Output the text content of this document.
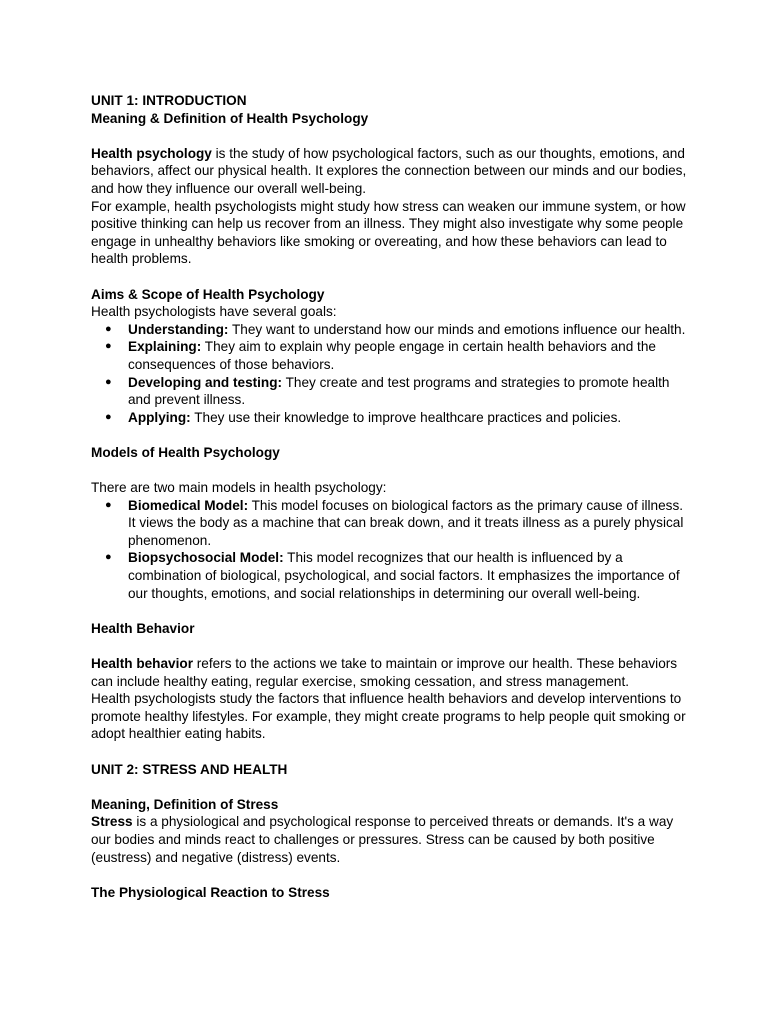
UNIT 1: INTRODUCTION
Meaning & Definition of Health Psychology

Health psychology is the study of how psychological factors, such as our thoughts, emotions, and behaviors, affect our physical health. It explores the connection between our minds and our bodies, and how they influence our overall well-being.

For example, health psychologists might study how stress can weaken our immune system, or how positive thinking can help us recover from an illness. They might also investigate why some people engage in unhealthy behaviors like smoking or overeating, and how these behaviors can lead to health problems.

Aims & Scope of Health Psychology
Health psychologists have several goals:
● Understanding: They want to understand how our minds and emotions influence our health.
● Explaining: They aim to explain why people engage in certain health behaviors and the consequences of those behaviors.
● Developing and testing: They create and test programs and strategies to promote health and prevent illness.
● Applying: They use their knowledge to improve healthcare practices and policies.
Models of Health Psychology
There are two main models in health psychology:
● Biomedical Model: This model focuses on biological factors as the primary cause of illness. It views the body as a machine that can break down, and it treats illness as a purely physical phenomenon.
● Biopsychosocial Model: This model recognizes that our health is influenced by a combination of biological, psychological, and social factors. It emphasizes the importance of our thoughts, emotions, and social relationships in determining our overall well-being.
Health Behavior

Health behavior refers to the actions we take to maintain or improve our health. These behaviors can include healthy eating, regular exercise, smoking cessation, and stress management.

Health psychologists study the factors that influence health behaviors and develop interventions to promote healthy lifestyles. For example, they might create programs to help people quit smoking or adopt healthier eating habits.

UNIT 2: STRESS AND HEALTH
Meaning, Definition of Stress

Stress is a physiological and psychological response to perceived threats or demands. It's a way our bodies and minds react to challenges or pressures. Stress can be caused by both positive (eustress) and negative (distress) events.

The Physiological Reaction to Stress
